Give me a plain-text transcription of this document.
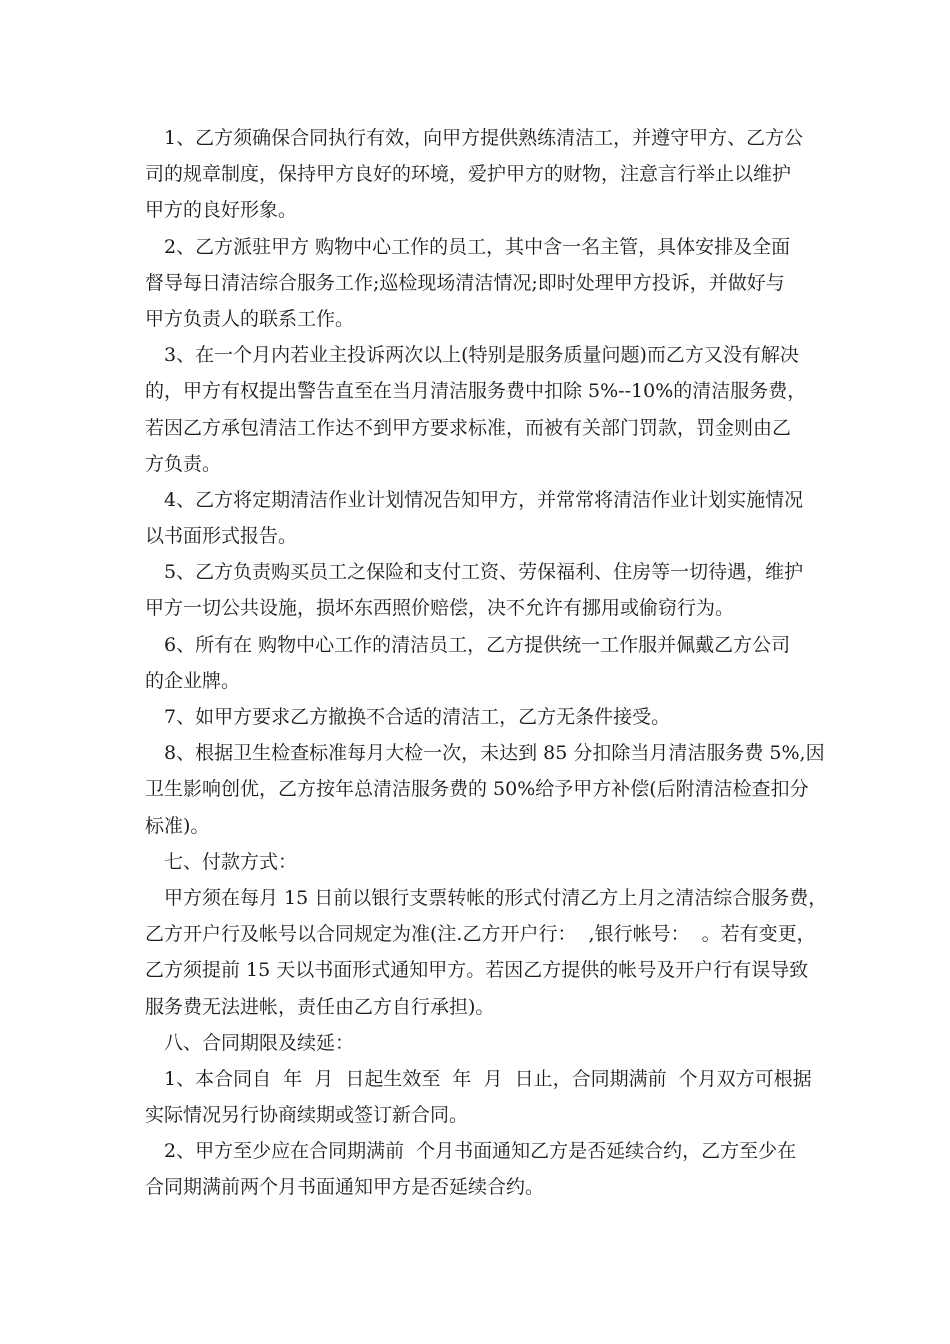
1、乙方须确保合同执行有效，向甲方提供熟练清洁工，并遵守甲方、乙方公
司的规章制度，保持甲方良好的环境，爱护甲方的财物，注意言行举止以维护
甲方的良好形象。
2、乙方派驻甲方 购物中心工作的员工，其中含一名主管，具体安排及全面
督导每日清洁综合服务工作;巡检现场清洁情况;即时处理甲方投诉，并做好与
甲方负责人的联系工作。
3、在一个月内若业主投诉两次以上(特别是服务质量问题)而乙方又没有解决
的，甲方有权提出警告直至在当月清洁服务费中扣除 5%--10%的清洁服务费，
若因乙方承包清洁工作达不到甲方要求标准，而被有关部门罚款，罚金则由乙
方负责。
4、乙方将定期清洁作业计划情况告知甲方，并常常将清洁作业计划实施情况
以书面形式报告。
5、乙方负责购买员工之保险和支付工资、劳保福利、住房等一切待遇，维护
甲方一切公共设施，损坏东西照价赔偿，决不允许有挪用或偷窃行为。
6、所有在 购物中心工作的清洁员工，乙方提供统一工作服并佩戴乙方公司
的企业牌。
7、如甲方要求乙方撤换不合适的清洁工，乙方无条件接受。
8、根据卫生检查标准每月大检一次，未达到 85 分扣除当月清洁服务费 5%,因
卫生影响创优，乙方按年总清洁服务费的 50%给予甲方补偿(后附清洁检查扣分
标准)。
七、付款方式：
甲方须在每月 15 日前以银行支票转帐的形式付清乙方上月之清洁综合服务费，
乙方开户行及帐号以合同规定为准(注.乙方开户行：  ,银行帐号：  。若有变更，
乙方须提前 15 天以书面形式通知甲方。若因乙方提供的帐号及开户行有误导致
服务费无法进帐，责任由乙方自行承担)。
八、合同期限及续延：
1、本合同自  年  月  日起生效至  年  月  日止，合同期满前  个月双方可根据
实际情况另行协商续期或签订新合同。
2、甲方至少应在合同期满前  个月书面通知乙方是否延续合约，乙方至少在
合同期满前两个月书面通知甲方是否延续合约。
